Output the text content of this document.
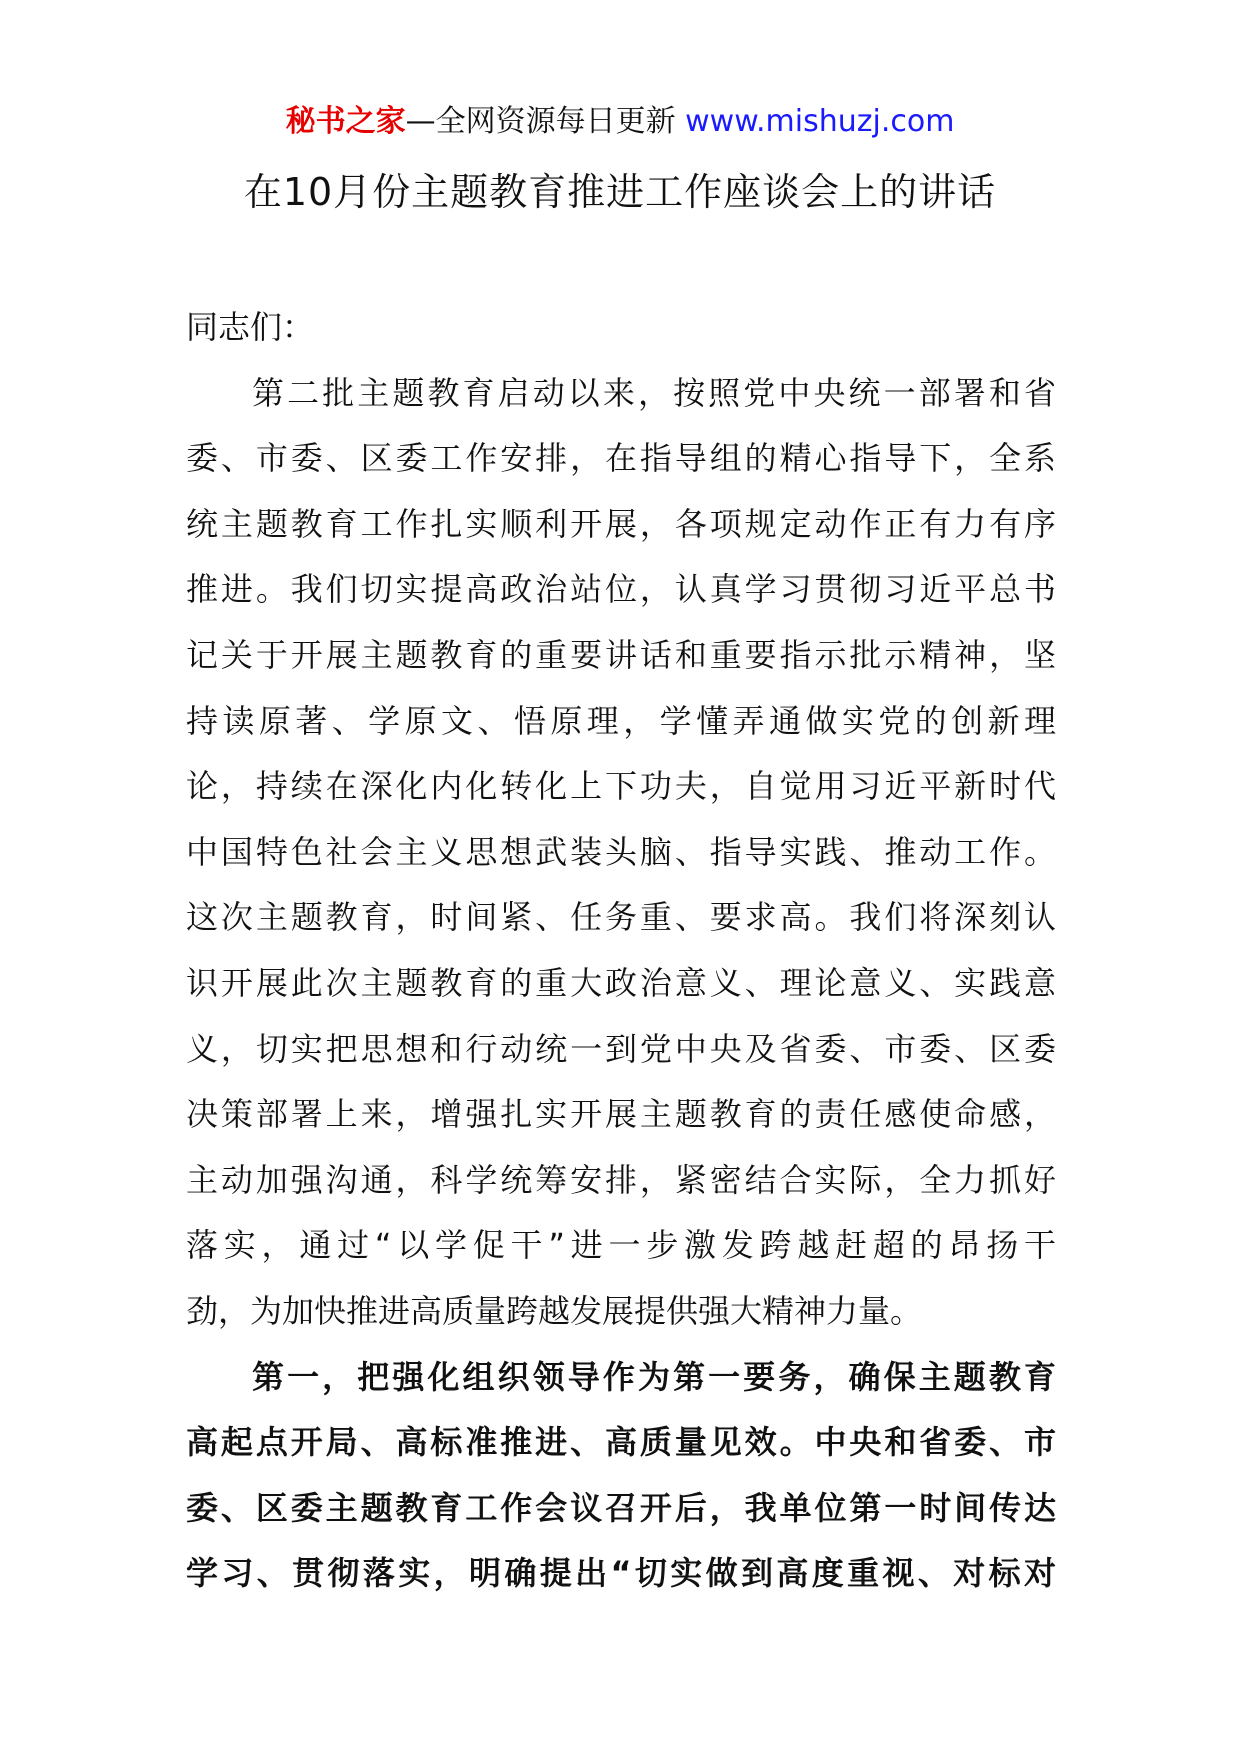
秘书之家—全网资源每日更新 www.mishuzj.com
在10月份主题教育推进工作座谈会上的讲话
同志们：
第二批主题教育启动以来，按照党中央统一部署和省
委、市委、区委工作安排，在指导组的精心指导下，全系
统主题教育工作扎实顺利开展，各项规定动作正有力有序
推进。我们切实提高政治站位，认真学习贯彻习近平总书
记关于开展主题教育的重要讲话和重要指示批示精神，坚
持读原著、学原文、悟原理，学懂弄通做实党的创新理
论，持续在深化内化转化上下功夫，自觉用习近平新时代
中国特色社会主义思想武装头脑、指导实践、推动工作。
这次主题教育，时间紧、任务重、要求高。我们将深刻认
识开展此次主题教育的重大政治意义、理论意义、实践意
义，切实把思想和行动统一到党中央及省委、市委、区委
决策部署上来，增强扎实开展主题教育的责任感使命感，
主动加强沟通，科学统筹安排，紧密结合实际，全力抓好
落实，通过“以学促干”进一步激发跨越赶超的昂扬干
劲，为加快推进高质量跨越发展提供强大精神力量。
第一，把强化组织领导作为第一要务，确保主题教育
高起点开局、高标准推进、高质量见效。中央和省委、市
委、区委主题教育工作会议召开后，我单位第一时间传达
学习、贯彻落实，明确提出“切实做到高度重视、对标对
